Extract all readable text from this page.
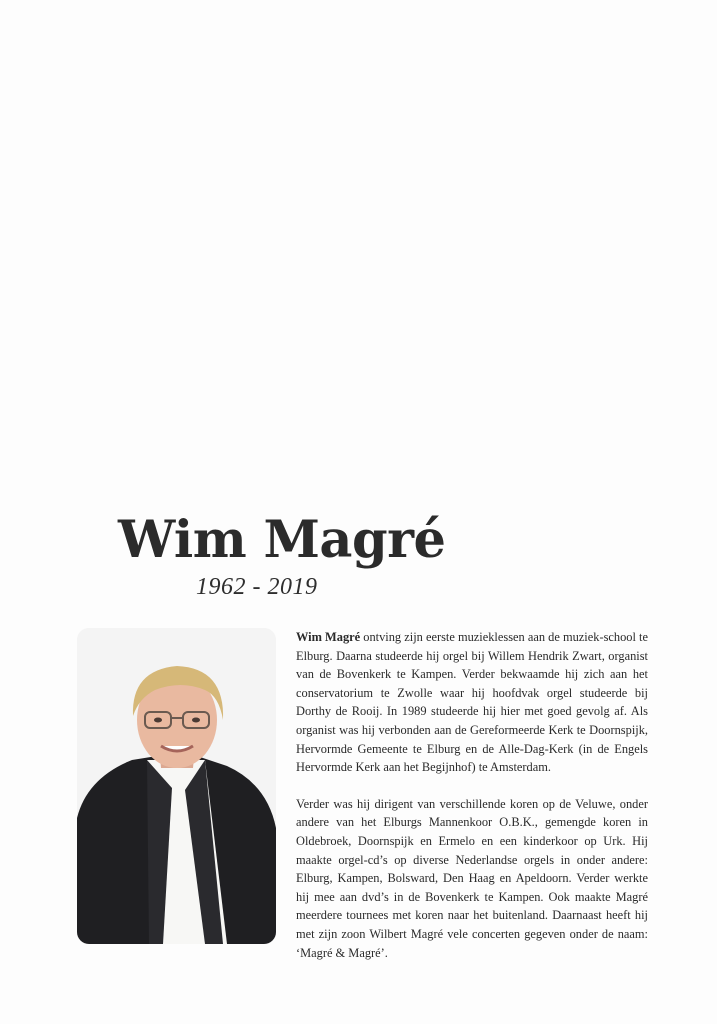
Wim Magré
1962 - 2019

Wim Magré ontving zijn eerste muzieklessen aan de muziek-school te Elburg. Daarna studeerde hij orgel bij Willem Hendrik Zwart, organist van de Bovenkerk te Kampen. Verder bekwaamde hij zich aan het conservatorium te Zwolle waar hij hoofdvak orgel studeerde bij Dorthy de Rooij. In 1989 studeerde hij hier met goed gevolg af. Als organist was hij verbonden aan de Gereformeerde Kerk te Doornspijk, Hervormde Gemeente te Elburg en de Alle-Dag-Kerk (in de Engels Hervormde Kerk aan het Begijnhof) te Amsterdam.

Verder was hij dirigent van verschillende koren op de Veluwe, onder andere van het Elburgs Mannenkoor O.B.K., gemengde koren in Oldebroek, Doornspijk en Ermelo en een kinderkoor op Urk. Hij maakte orgel-cd’s op diverse Nederlandse orgels in onder andere: Elburg, Kampen, Bolsward, Den Haag en Apeldoorn. Verder werkte hij mee aan dvd’s in de Bovenkerk te Kampen. Ook maakte Magré meerdere tournees met koren naar het buitenland. Daarnaast heeft hij met zijn zoon Wilbert Magré vele concerten gegeven onder de naam: ‘Magré & Magré’.
